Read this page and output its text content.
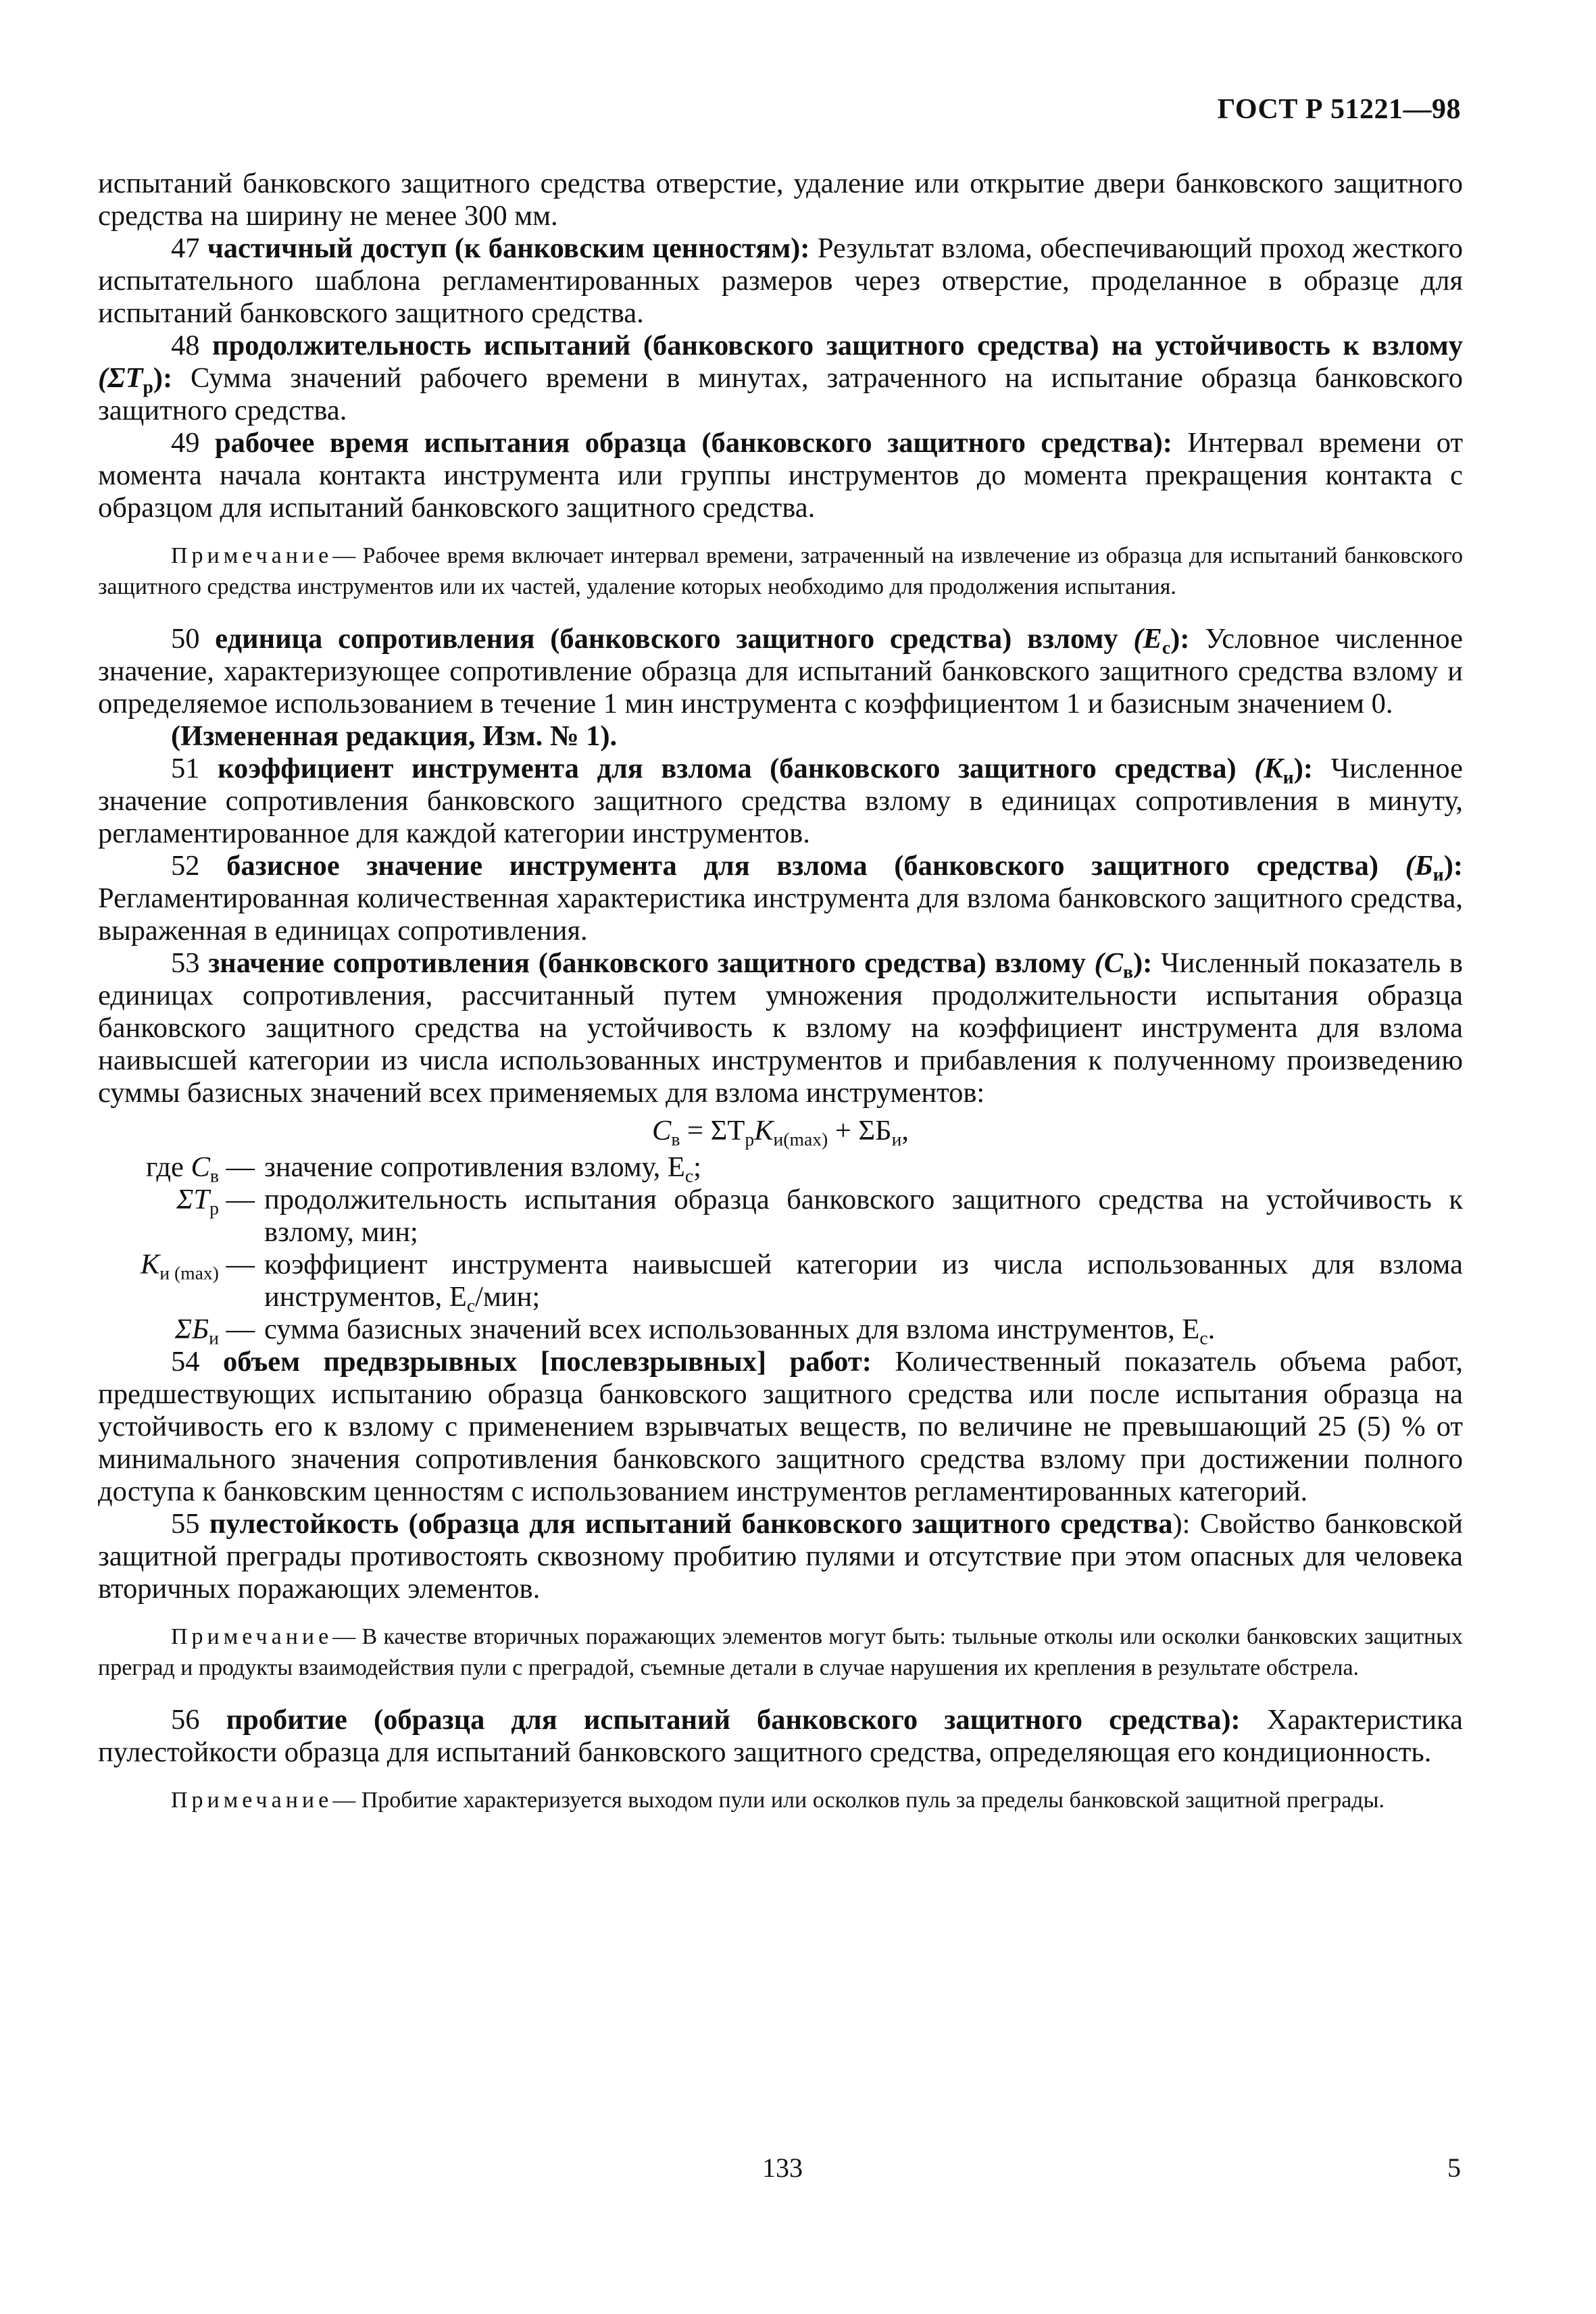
ГОСТ Р 51221—98

испытаний банковского защитного средства отверстие, удаление или открытие двери банковского защитного средства на ширину не менее 300 мм.

47 частичный доступ (к банковским ценностям): Результат взлома, обеспечивающий проход жесткого испытательного шаблона регламентированных размеров через отверстие, проделанное в образце для испытаний банковского защитного средства.

48 продолжительность испытаний (банковского защитного средства) на устойчивость к взлому $(\Sigma T_р)$: Сумма значений рабочего времени в минутах, затраченного на испытание образца банковского защитного средства.

49 рабочее время испытания образца (банковского защитного средства): Интервал времени от момента начала контакта инструмента или группы инструментов до момента прекращения контакта с образцом для испытаний банковского защитного средства.

Примечание— Рабочее время включает интервал времени, затраченный на извлечение из образца для испытаний банковского защитного средства инструментов или их частей, удаление которых необходимо для продолжения испытания.

50 единица сопротивления (банковского защитного средства) взлому $(E_c)$: Условное численное значение, характеризующее сопротивление образца для испытаний банковского защитного средства взлому и определяемое использованием в течение 1 мин инструмента с коэффициентом 1 и базисным значением 0.

(Измененная редакция, Изм. № 1).

51 коэффициент инструмента для взлома (банковского защитного средства) $(K_и)$: Численное значение сопротивления банковского защитного средства взлому в единицах сопротивления в минуту, регламентированное для каждой категории инструментов.

52 базисное значение инструмента для взлома (банковского защитного средства) $(Б_и)$: Регламентированная количественная характеристика инструмента для взлома банковского защитного средства, выраженная в единицах сопротивления.

53 значение сопротивления (банковского защитного средства) взлому $(C_в)$: Численный показатель в единицах сопротивления, рассчитанный путем умножения продолжительности испытания образца банковского защитного средства на устойчивость к взлому на коэффициент инструмента для взлома наивысшей категории из числа использованных инструментов и прибавления к полученному произведению суммы базисных значений всех применяемых для взлома инструментов:

$C_в = \Sigma T_рK_{и(max)} + \Sigma Б_и$,

где $C_в$ — значение сопротивления взлому, $E_c$;
$\Sigma T_р$ — продолжительность испытания образца банковского защитного средства на устойчивость к взлому, мин;
$K_{и (max)}$ — коэффициент инструмента наивысшей категории из числа использованных для взлома инструментов, $E_c$/мин;
$\Sigma Б_и$ — сумма базисных значений всех использованных для взлома инструментов, $E_c$.

54 объем предвзрывных [послевзрывных] работ: Количественный показатель объема работ, предшествующих испытанию образца банковского защитного средства или после испытания образца на устойчивость его к взлому с применением взрывчатых веществ, по величине не превышающий 25 (5) % от минимального значения сопротивления банковского защитного средства взлому при достижении полного доступа к банковским ценностям с использованием инструментов регламентированных категорий.

55 пулестойкость (образца для испытаний банковского защитного средства): Свойство банковской защитной преграды противостоять сквозному пробитию пулями и отсутствие при этом опасных для человека вторичных поражающих элементов.

Примечание— В качестве вторичных поражающих элементов могут быть: тыльные отколы или осколки банковских защитных преград и продукты взаимодействия пули с преградой, съемные детали в случае нарушения их крепления в результате обстрела.

56 пробитие (образца для испытаний банковского защитного средства): Характеристика пулестойкости образца для испытаний банковского защитного средства, определяющая его кондиционность.

Примечание— Пробитие характеризуется выходом пули или осколков пуль за пределы банковской защитной преграды.

133	5
